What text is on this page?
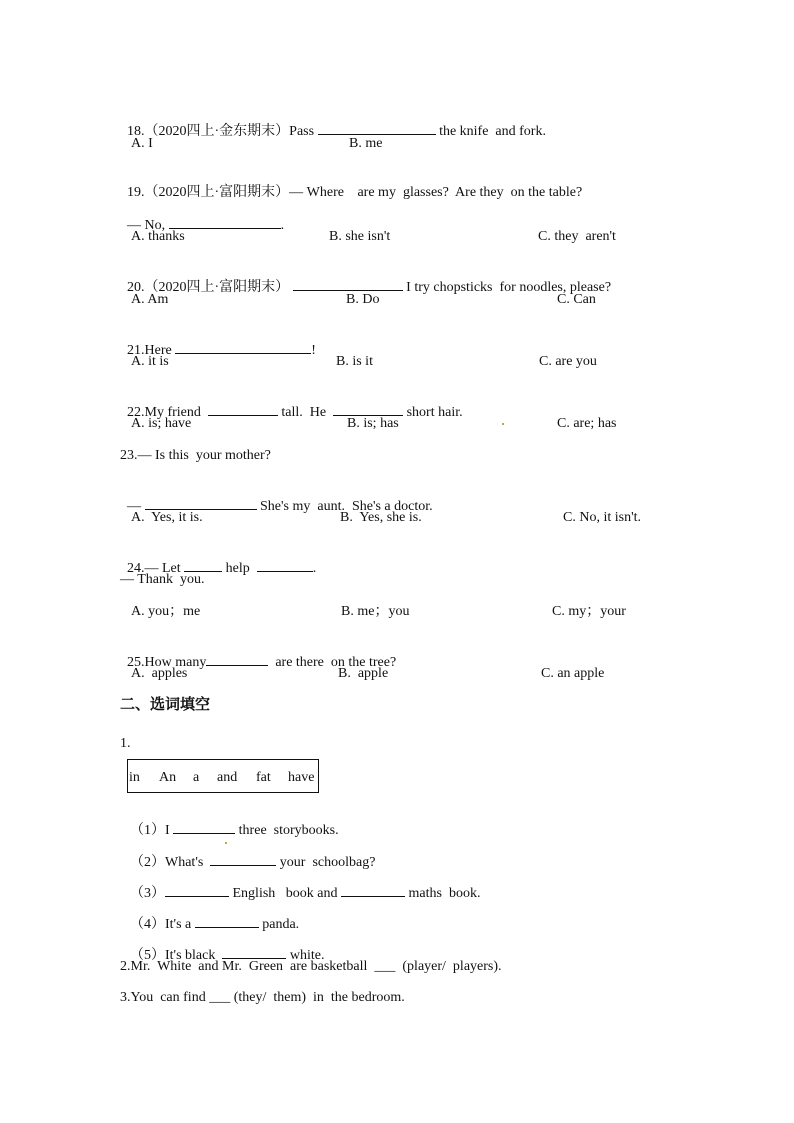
18.（2020四上·金东期末）Pass	the knife  and fork.

A. I	B. me

19.（2020四上·富阳期末）— Where are my  glasses?  Are they  on the table?

— No,	.

A. thanks	B. she isn't	C. they  aren't

20.（2020四上·富阳期末）	I try chopsticks  for noodles, please?

A. Am	B. Do	C. Can

21.Here	!

A. it is	B. is it	C. are you

22.My friend	tall.  He	short hair.

A. is; have	B. is; has	C. are; has
23.— Is this  your mother?

—	She's my  aunt.  She's a doctor.

A.  Yes, it is.	B.  Yes, she is.	C. No, it isn't.

24.— Let	help	.

— Thank  you.
A. you；me	B. me；you	C. my；your

25.How many	are there  on the tree?

A.  apples	B.  apple	C. an apple
二、选词填空
1.
in An a and fat have

（1）I	three  storybooks.

（2）What's	your  schoolbag?

（3）	English   book and	maths  book.

（4）It's a	panda.

（5）It's black	white.

2.Mr.  White  and Mr.  Green  are basketball  ___  (player/  players).
3.You  can find ___ (they/  them)  in  the bedroom.
